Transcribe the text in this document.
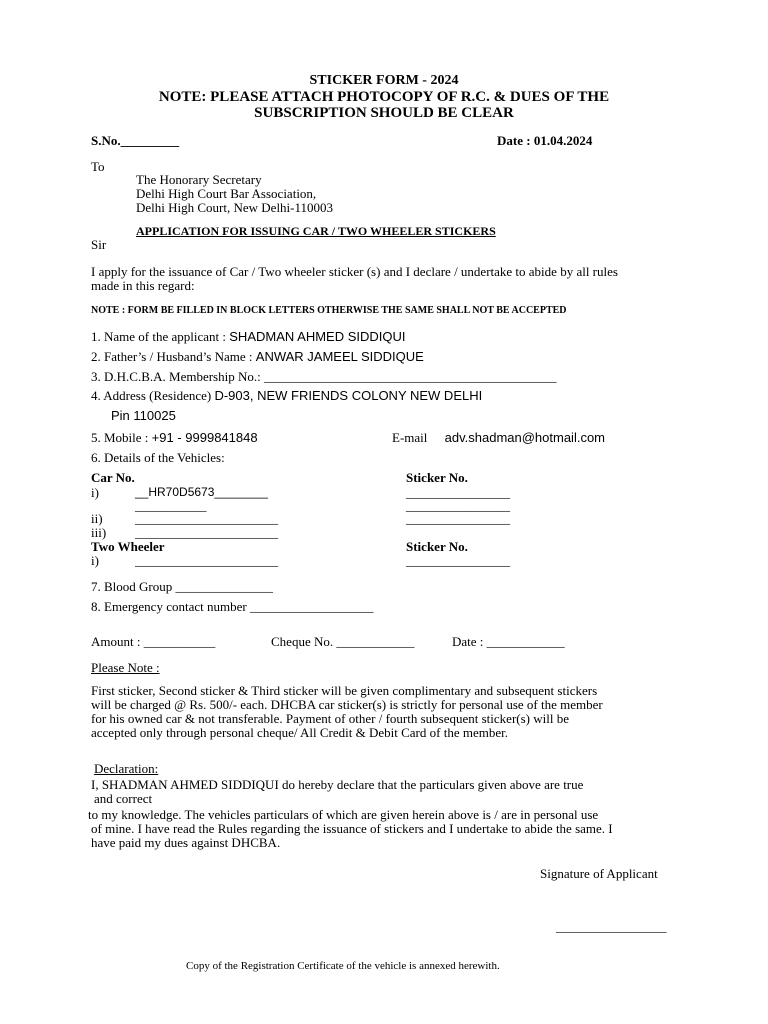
STICKER FORM - 2024
NOTE: PLEASE ATTACH PHOTOCOPY OF R.C. & DUES OF THE
SUBSCRIPTION SHOULD BE CLEAR
S.No._________	Date : 01.04.2024
To
The Honorary Secretary
Delhi High Court Bar Association,
Delhi High Court, New Delhi-110003
APPLICATION FOR ISSUING CAR / TWO WHEELER STICKERS
Sir
I apply for the issuance of Car / Two wheeler sticker (s) and I declare / undertake to abide by all rules
made in this regard:
NOTE : FORM BE FILLED IN BLOCK LETTERS OTHERWISE THE SAME SHALL NOT BE ACCEPTED
1. Name of the applicant : SHADMAN AHMED SIDDIQUI
2. Father’s / Husband’s Name : ANWAR JAMEEL SIDDIQUE
3. D.H.C.B.A. Membership No.: _____________________________________________
4. Address (Residence) D-903, NEW FRIENDS COLONY NEW DELHI
Pin 110025
5. Mobile : +91 - 9999841848	E-mail adv.shadman@hotmail.com
6. Details of the Vehicles:
Car No.	Sticker No.
i)	__HR70D5673________	________________
___________	________________
ii) ______________________	________________
iii) ______________________
Two Wheeler	Sticker No.
i)	______________________	________________
7. Blood Group _______________
8. Emergency contact number ___________________
Amount : ___________	Cheque No. ____________	Date : ____________
Please Note :
First sticker, Second sticker & Third sticker will be given complimentary and subsequent stickers
will be charged @ Rs. 500/- each. DHCBA car sticker(s) is strictly for personal use of the member
for his owned car & not transferable. Payment of other / fourth subsequent sticker(s) will be
accepted only through personal cheque/ All Credit & Debit Card of the member.
Declaration:
I, SHADMAN AHMED SIDDIQUI do hereby declare that the particulars given above are true
and correct
to my knowledge. The vehicles particulars of which are given herein above is / are in personal use
of mine. I have read the Rules regarding the issuance of stickers and I undertake to abide the same. I
have paid my dues against DHCBA.
Signature of Applicant
_________________
Copy of the Registration Certificate of the vehicle is annexed herewith.
